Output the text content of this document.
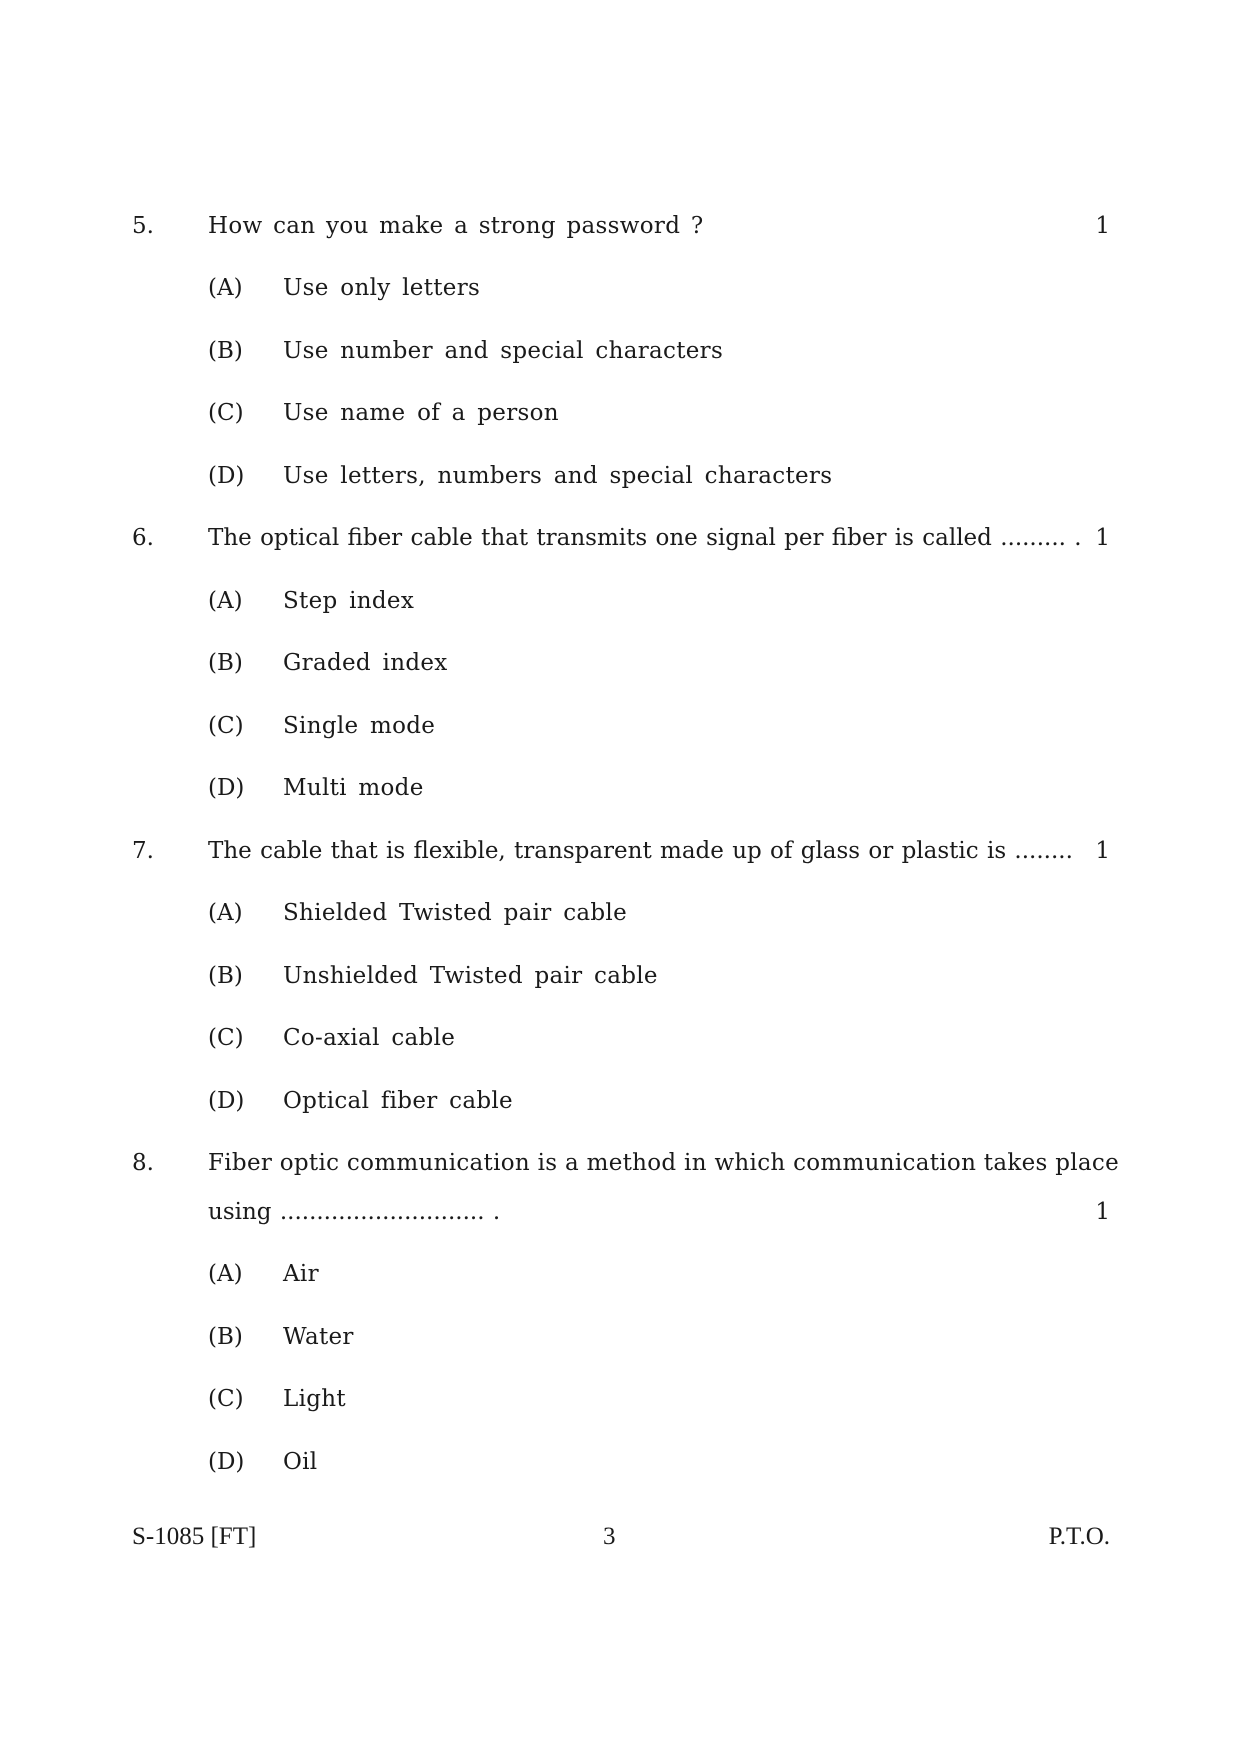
5. How can you make a strong password ?	1
(A) Use only letters
(B) Use number and special characters
(C) Use name of a person
(D) Use letters, numbers and special characters
6. The optical fiber cable that transmits one signal per fiber is called ......... . 1
(A) Step index
(B) Graded index
(C) Single mode
(D) Multi mode
7. The cable that is flexible, transparent made up of glass or plastic is ........ 1
(A) Shielded Twisted pair cable
(B) Unshielded Twisted pair cable
(C) Co-axial cable
(D) Optical fiber cable
8. Fiber optic communication is a method in which communication takes place
using ............................ .	1
(A) Air
(B) Water
(C) Light
(D) Oil
S-1085 [FT]	3	P.T.O.
